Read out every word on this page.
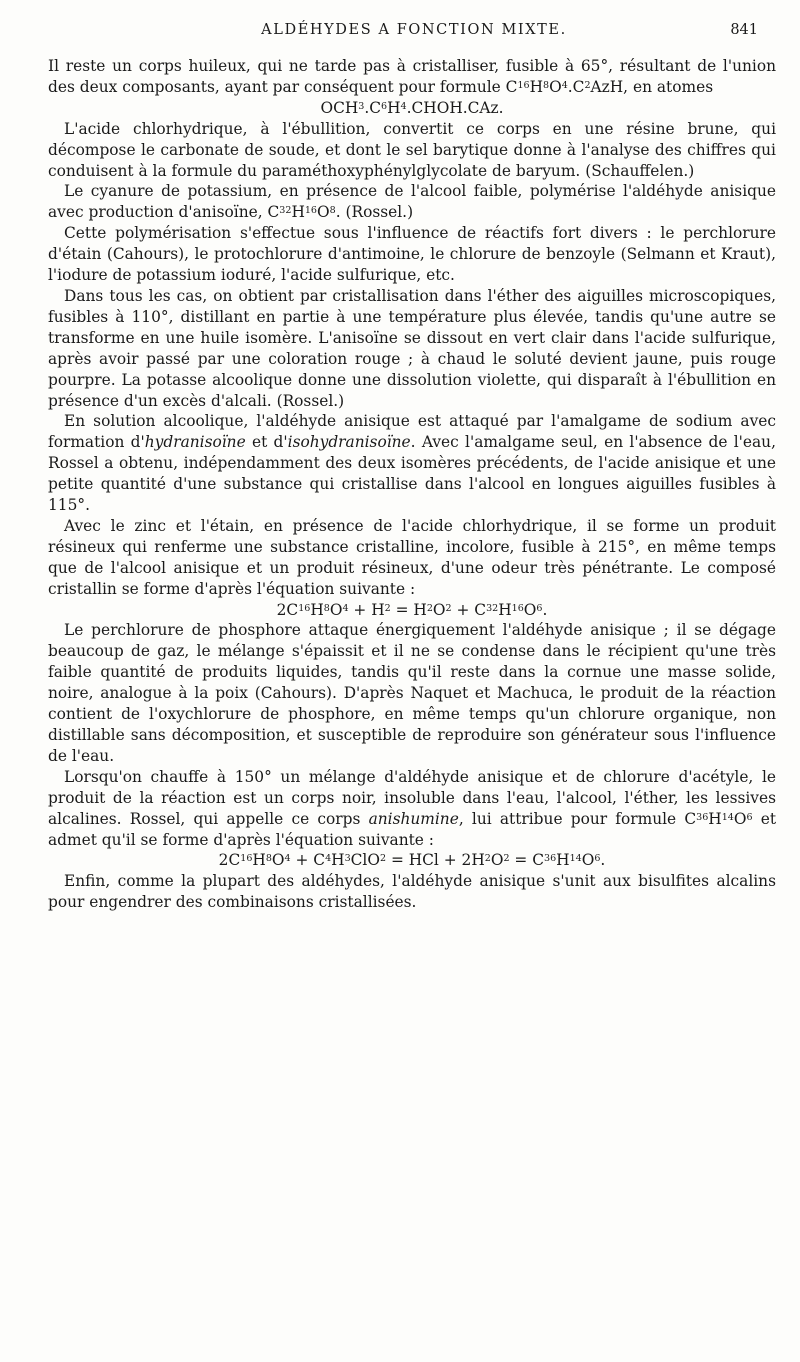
ALDÉHYDES A FONCTION MIXTE.	841

Il reste un corps huileux, qui ne tarde pas à cristalliser, fusible à 65°, résultant de l'union des deux composants, ayant par conséquent pour formule $C^{16}H^8O^4.C^2AzH$, en atomes

$OCH^3.C^6H^4.CHOH.CAz$.

L'acide chlorhydrique, à l'ébullition, convertit ce corps en une résine brune, qui décompose le carbonate de soude, et dont le sel barytique donne à l'analyse des chiffres qui conduisent à la formule du paraméthoxyphénylglycolate de baryum. (Schauffelen.)

Le cyanure de potassium, en présence de l'alcool faible, polymérise l'aldéhyde anisique avec production d'anisoïne, $C^{32}H^{16}O^8$. (Rossel.)

Cette polymérisation s'effectue sous l'influence de réactifs fort divers : le perchlorure d'étain (Cahours), le protochlorure d'antimoine, le chlorure de benzoyle (Selmann et Kraut), l'iodure de potassium ioduré, l'acide sulfurique, etc.

Dans tous les cas, on obtient par cristallisation dans l'éther des aiguilles microscopiques, fusibles à 110°, distillant en partie à une température plus élevée, tandis qu'une autre se transforme en une huile isomère. L'anisoïne se dissout en vert clair dans l'acide sulfurique, après avoir passé par une coloration rouge ; à chaud le soluté devient jaune, puis rouge pourpre. La potasse alcoolique donne une dissolution violette, qui disparaît à l'ébullition en présence d'un excès d'alcali. (Rossel.)

En solution alcoolique, l'aldéhyde anisique est attaqué par l'amalgame de sodium avec formation d'hydranisoïne et d'isohydranisoïne. Avec l'amalgame seul, en l'absence de l'eau, Rossel a obtenu, indépendamment des deux isomères précédents, de l'acide anisique et une petite quantité d'une substance qui cristallise dans l'alcool en longues aiguilles fusibles à 115°.

Avec le zinc et l'étain, en présence de l'acide chlorhydrique, il se forme un produit résineux qui renferme une substance cristalline, incolore, fusible à 215°, en même temps que de l'alcool anisique et un produit résineux, d'une odeur très pénétrante. Le composé cristallin se forme d'après l'équation suivante :

$2C^{16}H^8O^4 + H^2 = H^2O^2 + C^{32}H^{16}O^6$.

Le perchlorure de phosphore attaque énergiquement l'aldéhyde anisique ; il se dégage beaucoup de gaz, le mélange s'épaissit et il ne se condense dans le récipient qu'une très faible quantité de produits liquides, tandis qu'il reste dans la cornue une masse solide, noire, analogue à la poix (Cahours). D'après Naquet et Machuca, le produit de la réaction contient de l'oxychlorure de phosphore, en même temps qu'un chlorure organique, non distillable sans décomposition, et susceptible de reproduire son générateur sous l'influence de l'eau.

Lorsqu'on chauffe à 150° un mélange d'aldéhyde anisique et de chlorure d'acétyle, le produit de la réaction est un corps noir, insoluble dans l'eau, l'alcool, l'éther, les lessives alcalines. Rossel, qui appelle ce corps anishumine, lui attribue pour formule $C^{36}H^{14}O^6$ et admet qu'il se forme d'après l'équation suivante :

$2C^{16}H^8O^4 + C^4H^3ClO^2$ = HCl + $2H^2O^2 = C^{36}H^{14}O^6$.

Enfin, comme la plupart des aldéhydes, l'aldéhyde anisique s'unit aux bisulfites alcalins pour engendrer des combinaisons cristallisées.
